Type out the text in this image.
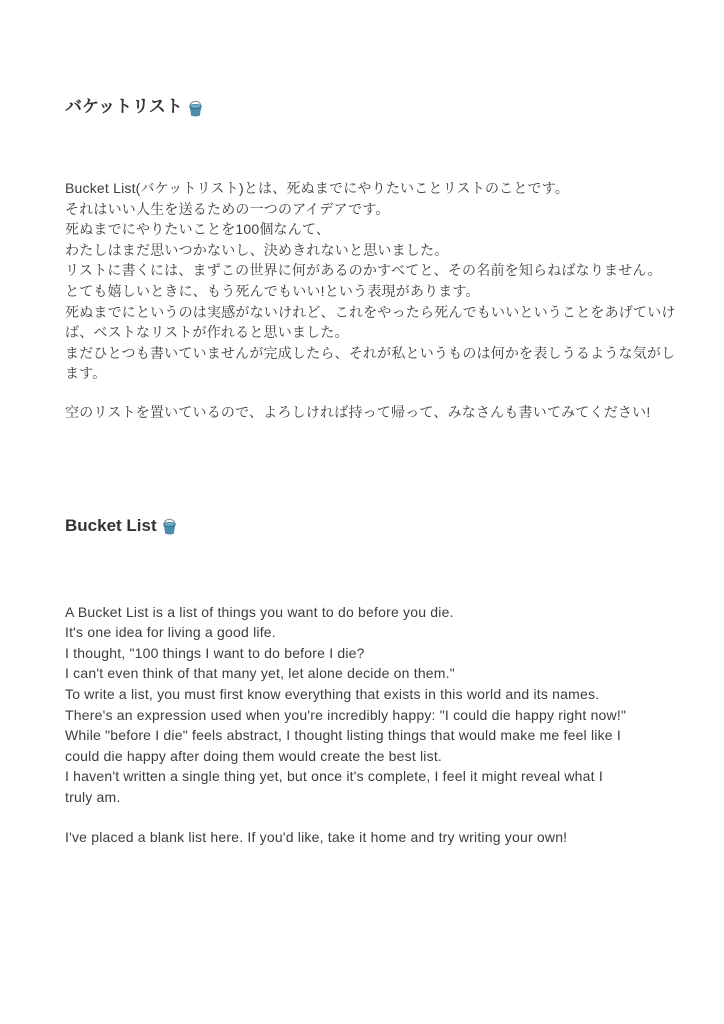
バケットリスト
Bucket List(バケットリスト)とは、死ぬまでにやりたいことリストのことです。
それはいい人生を送るための一つのアイデアです。
死ぬまでにやりたいことを100個なんて、
わたしはまだ思いつかないし、決めきれないと思いました。
リストに書くには、まずこの世界に何があるのかすべてと、その名前を知らねばなりません。
とても嬉しいときに、もう死んでもいい!という表現があります。
死ぬまでにというのは実感がないけれど、これをやったら死んでもいいということをあげていけ
ば、ベストなリストが作れると思いました。
まだひとつも書いていませんが完成したら、それが私というものは何かを表しうるような気がし
ます。
空のリストを置いているので、よろしければ持って帰って、みなさんも書いてみてください!
Bucket List
A Bucket List is a list of things you want to do before you die.
It's one idea for living a good life.
I thought, "100 things I want to do before I die?
I can't even think of that many yet, let alone decide on them."
To write a list, you must first know everything that exists in this world and its names.
There's an expression used when you're incredibly happy: "I could die happy right now!"
While "before I die" feels abstract, I thought listing things that would make me feel like I
could die happy after doing them would create the best list.
I haven't written a single thing yet, but once it's complete, I feel it might reveal what I
truly am.
I've placed a blank list here. If you'd like, take it home and try writing your own!
